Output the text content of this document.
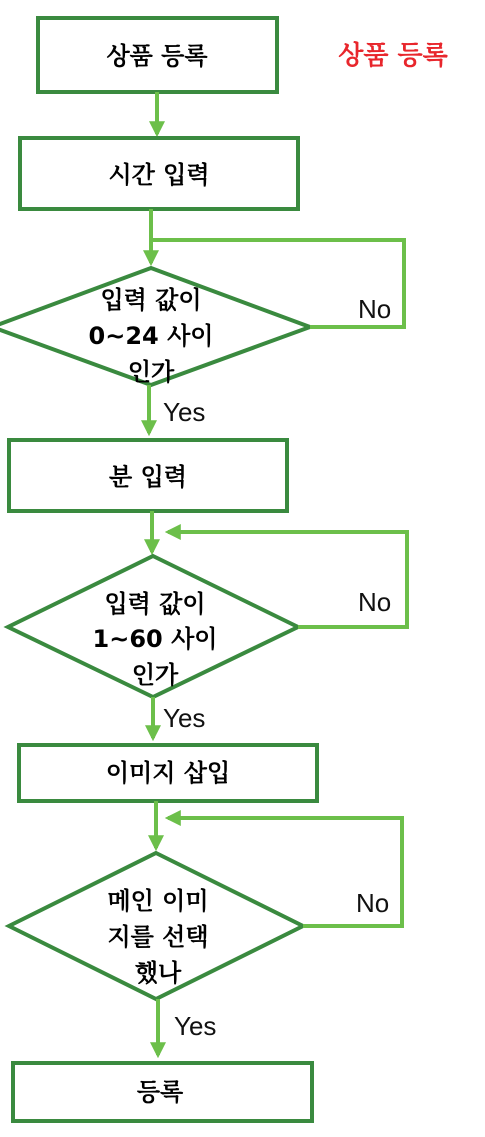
상품 등록
상품 등록
시간 입력
입력 값이
0~24 사이
인가
No
Yes
분 입력
입력 값이
1~60 사이
인가
No
Yes
이미지 삽입
메인 이미
지를 선택
했나
No
Yes
등록
